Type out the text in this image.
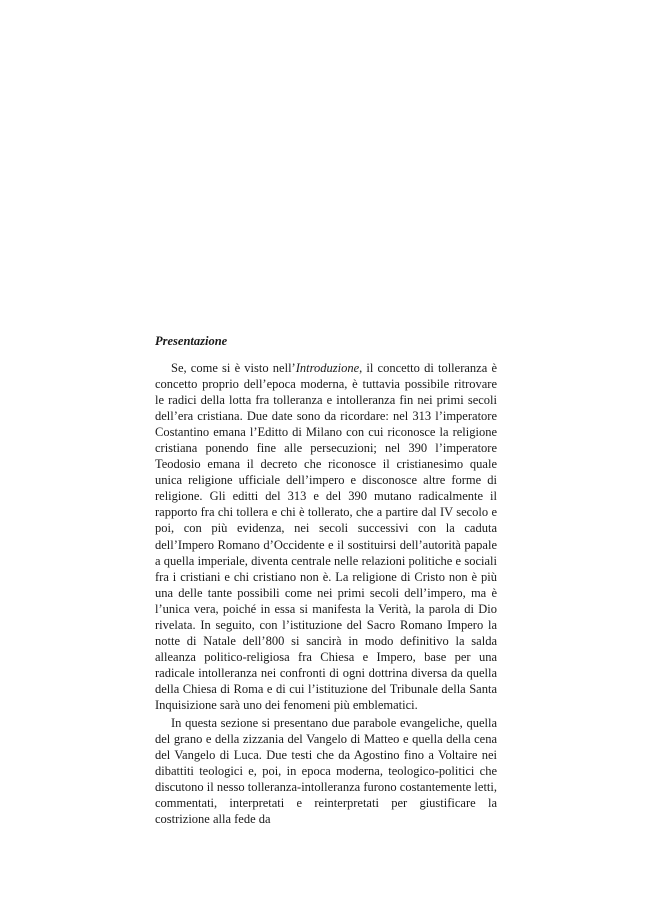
Presentazione

Se, come si è visto nell’Introduzione, il concetto di tolleranza è concetto proprio dell’epoca moderna, è tuttavia possibile ritrovare le radici della lotta fra tolleranza e intolleranza fin nei primi secoli dell’era cristiana. Due date sono da ricordare: nel 313 l’imperatore Costantino emana l’Editto di Milano con cui riconosce la religione cristiana ponendo fine alle persecuzioni; nel 390 l’imperatore Teodosio emana il decreto che riconosce il cristianesimo quale unica religione ufficiale dell’impero e disconosce altre forme di religione. Gli editti del 313 e del 390 mutano radicalmente il rapporto fra chi tollera e chi è tollerato, che a partire dal IV secolo e poi, con più evidenza, nei secoli successivi con la caduta dell’Impero Romano d’Occidente e il sostituirsi dell’autorità papale a quella imperiale, diventa centrale nelle relazioni politiche e sociali fra i cristiani e chi cristiano non è. La religione di Cristo non è più una delle tante possibili come nei primi secoli dell’impero, ma è l’unica vera, poiché in essa si manifesta la Verità, la parola di Dio rivelata. In seguito, con l’istituzione del Sacro Romano Impero la notte di Natale dell’800 si sancirà in modo definitivo la salda alleanza politico-religiosa fra Chiesa e Impero, base per una radicale intolleranza nei confronti di ogni dottrina diversa da quella della Chiesa di Roma e di cui l’istituzione del Tribunale della Santa Inquisizione sarà uno dei fenomeni più emblematici.

In questa sezione si presentano due parabole evangeliche, quella del grano e della zizzania del Vangelo di Matteo e quella della cena del Vangelo di Luca. Due testi che da Agostino fino a Voltaire nei dibattiti teologici e, poi, in epoca moderna, teologico-politici che discutono il nesso tolleranza-intolleranza furono costantemente letti, commentati, interpretati e reinterpretati per giustificare la costrizione alla fede da
